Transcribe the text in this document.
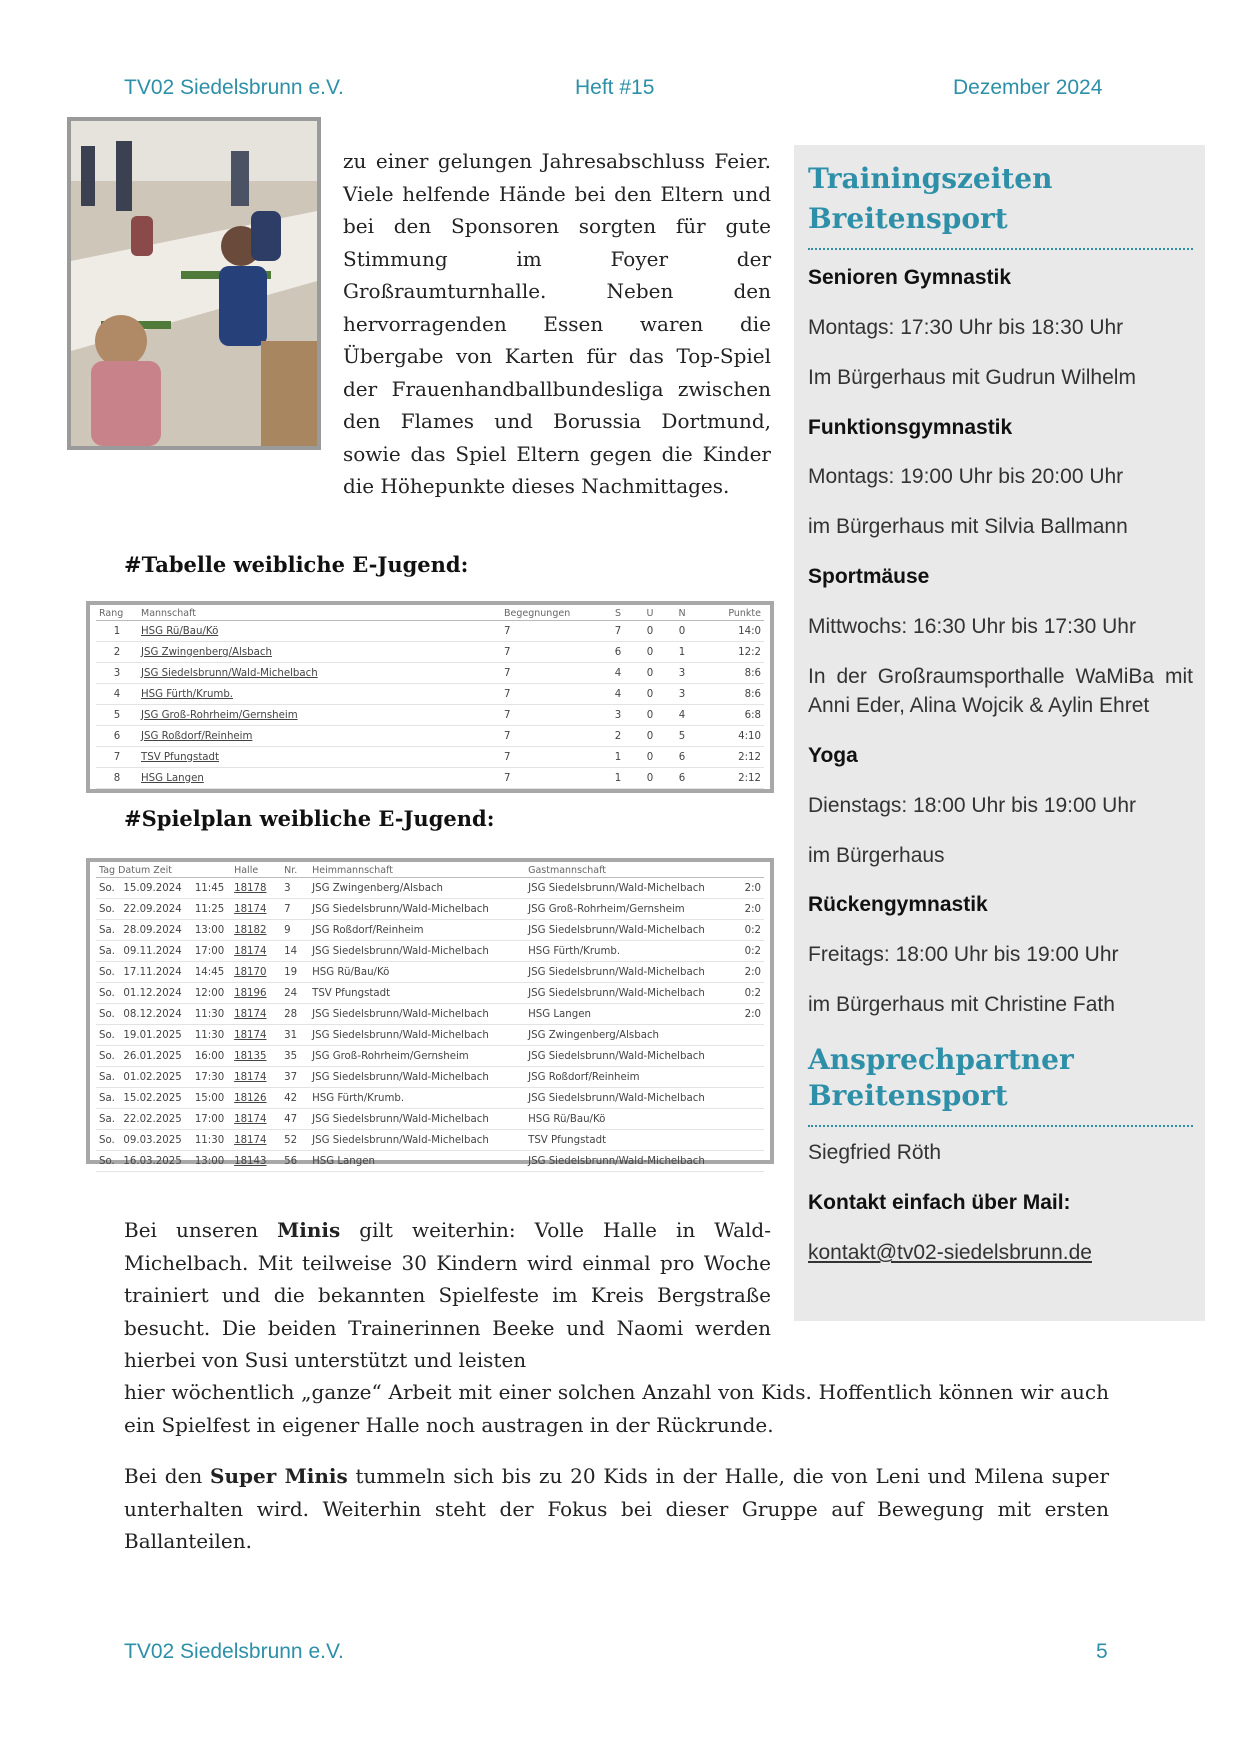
TV02 Siedelsbrunn e.V.	Heft #15	Dezember 2024
zu einer gelungen Jahresabschluss Feier. Viele helfende Hände bei den Eltern und bei den Sponsoren sorgten für gute Stimmung im Foyer der Großraumturnhalle. Neben den hervorragenden Essen waren die Übergabe von Karten für das Top-Spiel der Frauenhandballbundesliga zwischen den Flames und Borussia Dortmund, sowie das Spiel Eltern gegen die Kinder die Höhepunkte dieses Nachmittages.
#Tabelle weibliche E-Jugend:
Rang	Mannschaft	Begegnungen	S	U	N	Punkte
1	HSG Rü/Bau/Kö	7	7	0	0	14:0
2	JSG Zwingenberg/Alsbach	7	6	0	1	12:2
3	JSG Siedelsbrunn/Wald-Michelbach	7	4	0	3	8:6
4	HSG Fürth/Krumb.	7	4	0	3	8:6
5	JSG Groß-Rohrheim/Gernsheim	7	3	0	4	6:8
6	JSG Roßdorf/Reinheim	7	2	0	5	4:10
7	TSV Pfungstadt	7	1	0	6	2:12
8	HSG Langen	7	1	0	6	2:12
#Spielplan weibliche E-Jugend:
Tag Datum Zeit			Halle	Nr.	Heimmannschaft	Gastmannschaft	
So.	15.09.2024	11:45	18178	3	JSG Zwingenberg/Alsbach	JSG Siedelsbrunn/Wald-Michelbach	2:0
So.	22.09.2024	11:25	18174	7	JSG Siedelsbrunn/Wald-Michelbach	JSG Groß-Rohrheim/Gernsheim	2:0
Sa.	28.09.2024	13:00	18182	9	JSG Roßdorf/Reinheim	JSG Siedelsbrunn/Wald-Michelbach	0:2
Sa.	09.11.2024	17:00	18174	14	JSG Siedelsbrunn/Wald-Michelbach	HSG Fürth/Krumb.	0:2
So.	17.11.2024	14:45	18170	19	HSG Rü/Bau/Kö	JSG Siedelsbrunn/Wald-Michelbach	2:0
So.	01.12.2024	12:00	18196	24	TSV Pfungstadt	JSG Siedelsbrunn/Wald-Michelbach	0:2
So.	08.12.2024	11:30	18174	28	JSG Siedelsbrunn/Wald-Michelbach	HSG Langen	2:0
So.	19.01.2025	11:30	18174	31	JSG Siedelsbrunn/Wald-Michelbach	JSG Zwingenberg/Alsbach	
So.	26.01.2025	16:00	18135	35	JSG Groß-Rohrheim/Gernsheim	JSG Siedelsbrunn/Wald-Michelbach	
Sa.	01.02.2025	17:30	18174	37	JSG Siedelsbrunn/Wald-Michelbach	JSG Roßdorf/Reinheim	
Sa.	15.02.2025	15:00	18126	42	HSG Fürth/Krumb.	JSG Siedelsbrunn/Wald-Michelbach	
Sa.	22.02.2025	17:00	18174	47	JSG Siedelsbrunn/Wald-Michelbach	HSG Rü/Bau/Kö	
So.	09.03.2025	11:30	18174	52	JSG Siedelsbrunn/Wald-Michelbach	TSV Pfungstadt	
So.	16.03.2025	13:00	18143	56	HSG Langen	JSG Siedelsbrunn/Wald-Michelbach	
Bei unseren Minis gilt weiterhin: Volle Halle in Wald-Michelbach. Mit teilweise 30 Kindern wird einmal pro Woche trainiert und die bekannten Spielfeste im Kreis Bergstraße besucht. Die beiden Trainerinnen Beeke und Naomi werden hierbei von Susi unterstützt und leisten
hier wöchentlich „ganze“ Arbeit mit einer solchen Anzahl von Kids. Hoffentlich können wir auch ein Spielfest in eigener Halle noch austragen in der Rückrunde.
Bei den Super Minis tummeln sich bis zu 20 Kids in der Halle, die von Leni und Milena super unterhalten wird. Weiterhin steht der Fokus bei dieser Gruppe auf Bewegung mit ersten Ballanteilen.
Trainingszeiten Breitensport
Senioren Gymnastik
Montags: 17:30 Uhr bis 18:30 Uhr
Im Bürgerhaus mit Gudrun Wilhelm
Funktionsgymnastik
Montags: 19:00 Uhr bis 20:00 Uhr
im Bürgerhaus mit Silvia Ballmann
Sportmäuse
Mittwochs: 16:30 Uhr bis 17:30 Uhr
In der Großraumsporthalle WaMiBa mit Anni Eder, Alina Wojcik & Aylin Ehret
Yoga
Dienstags: 18:00 Uhr bis 19:00 Uhr
im Bürgerhaus
Rückengymnastik
Freitags: 18:00 Uhr bis 19:00 Uhr
im Bürgerhaus mit Christine Fath
Ansprechpartner Breitensport
Siegfried Röth
Kontakt einfach über Mail:
kontakt@tv02-siedelsbrunn.de
TV02 Siedelsbrunn e.V.	5
